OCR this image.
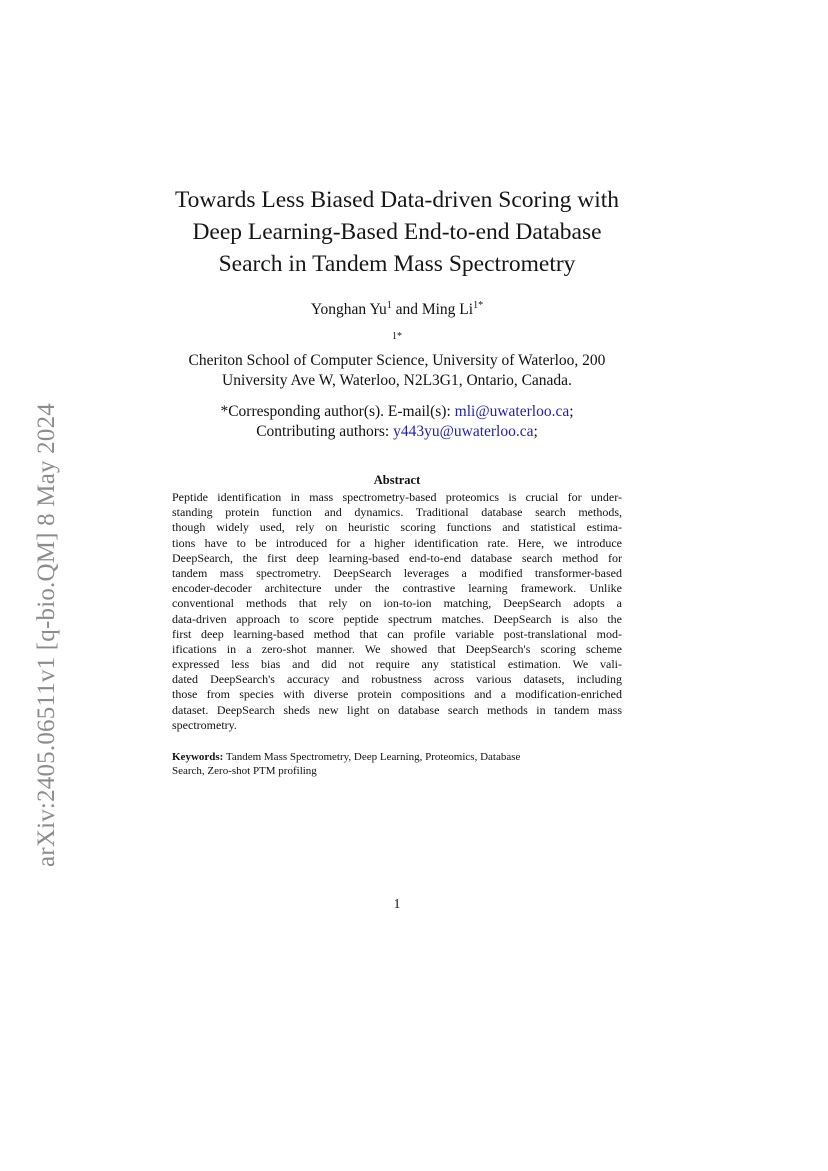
arXiv:2405.06511v1 [q-bio.QM] 8 May 2024
Towards Less Biased Data-driven Scoring with
Deep Learning-Based End-to-end Database
Search in Tandem Mass Spectrometry
Yonghan Yu$^1$ and Ming $Li^{1*}$
$^{1*}$
Cheriton School of Computer Science, University of Waterloo, 200
University Ave W, Waterloo, N2L3G1, Ontario, Canada.
*Corresponding author(s). E-mail(s): mli@uwaterloo.ca;
Contributing authors: y443yu@uwaterloo.ca;
Abstract
Peptide identification in mass spectrometry-based proteomics is crucial for under-
standing protein function and dynamics. Traditional database search methods,
though widely used, rely on heuristic scoring functions and statistical estima-
tions have to be introduced for a higher identification rate. Here, we introduce
DeepSearch, the first deep learning-based end-to-end database search method for
tandem mass spectrometry. DeepSearch leverages a modified transformer-based
encoder-decoder architecture under the contrastive learning framework. Unlike
conventional methods that rely on ion-to-ion matching, DeepSearch adopts a
data-driven approach to score peptide spectrum matches. DeepSearch is also the
first deep learning-based method that can profile variable post-translational mod-
ifications in a zero-shot manner. We showed that DeepSearch's scoring scheme
expressed less bias and did not require any statistical estimation. We vali-
dated DeepSearch's accuracy and robustness across various datasets, including
those from species with diverse protein compositions and a modification-enriched
dataset. DeepSearch sheds new light on database search methods in tandem mass
spectrometry.
Keywords: Tandem Mass Spectrometry, Deep Learning, Proteomics, Database
Search, Zero-shot PTM profiling
1
